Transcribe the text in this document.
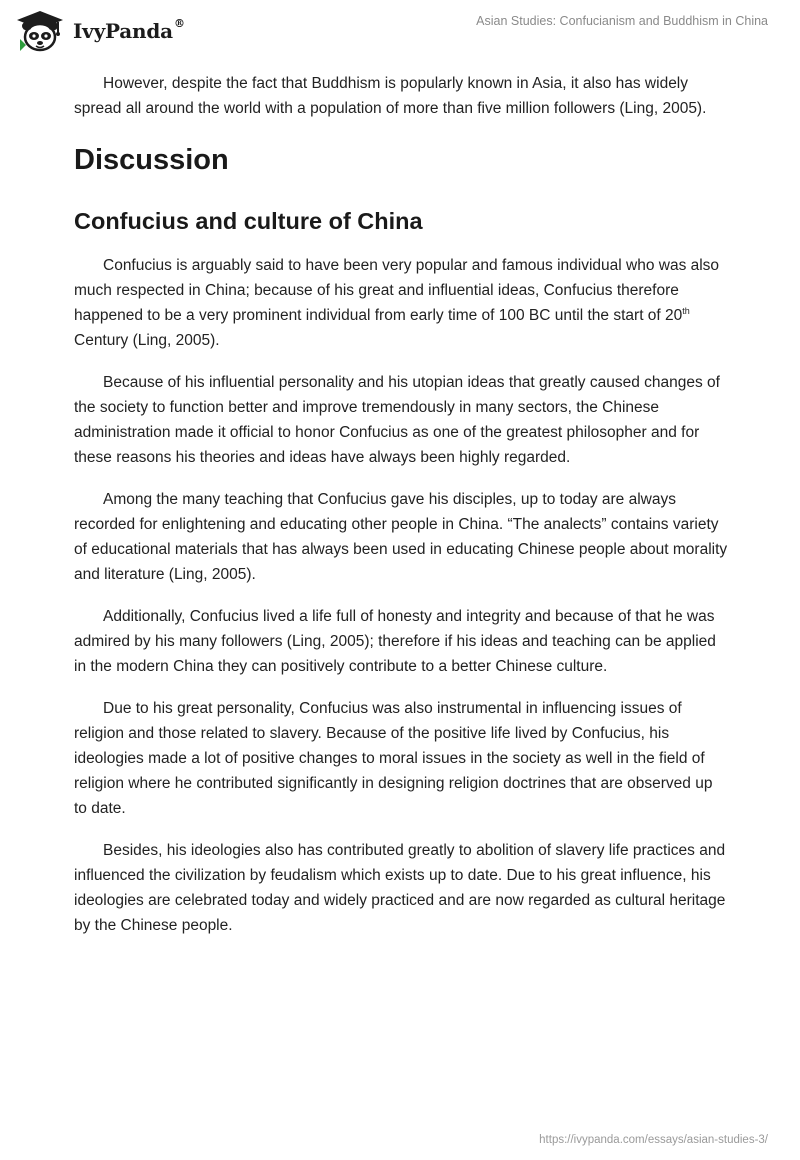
IvyPanda®	Asian Studies: Confucianism and Buddhism in China

However, despite the fact that Buddhism is popularly known in Asia, it also has widely spread all around the world with a population of more than five million followers (Ling, 2005).

Discussion
Confucius and culture of China

Confucius is arguably said to have been very popular and famous individual who was also much respected in China; because of his great and influential ideas, Confucius therefore happened to be a very prominent individual from early time of 100 BC until the start of 20th Century (Ling, 2005).

Because of his influential personality and his utopian ideas that greatly caused changes of the society to function better and improve tremendously in many sectors, the Chinese administration made it official to honor Confucius as one of the greatest philosopher and for these reasons his theories and ideas have always been highly regarded.

Among the many teaching that Confucius gave his disciples, up to today are always recorded for enlightening and educating other people in China. “The analects” contains variety of educational materials that has always been used in educating Chinese people about morality and literature (Ling, 2005).

Additionally, Confucius lived a life full of honesty and integrity and because of that he was admired by his many followers (Ling, 2005); therefore if his ideas and teaching can be applied in the modern China they can positively contribute to a better Chinese culture.

Due to his great personality, Confucius was also instrumental in influencing issues of religion and those related to slavery. Because of the positive life lived by Confucius, his ideologies made a lot of positive changes to moral issues in the society as well in the field of religion where he contributed significantly in designing religion doctrines that are observed up to date.

Besides, his ideologies also has contributed greatly to abolition of slavery life practices and influenced the civilization by feudalism which exists up to date. Due to his great influence, his ideologies are celebrated today and widely practiced and are now regarded as cultural heritage by the Chinese people.

https://ivypanda.com/essays/asian-studies-3/
